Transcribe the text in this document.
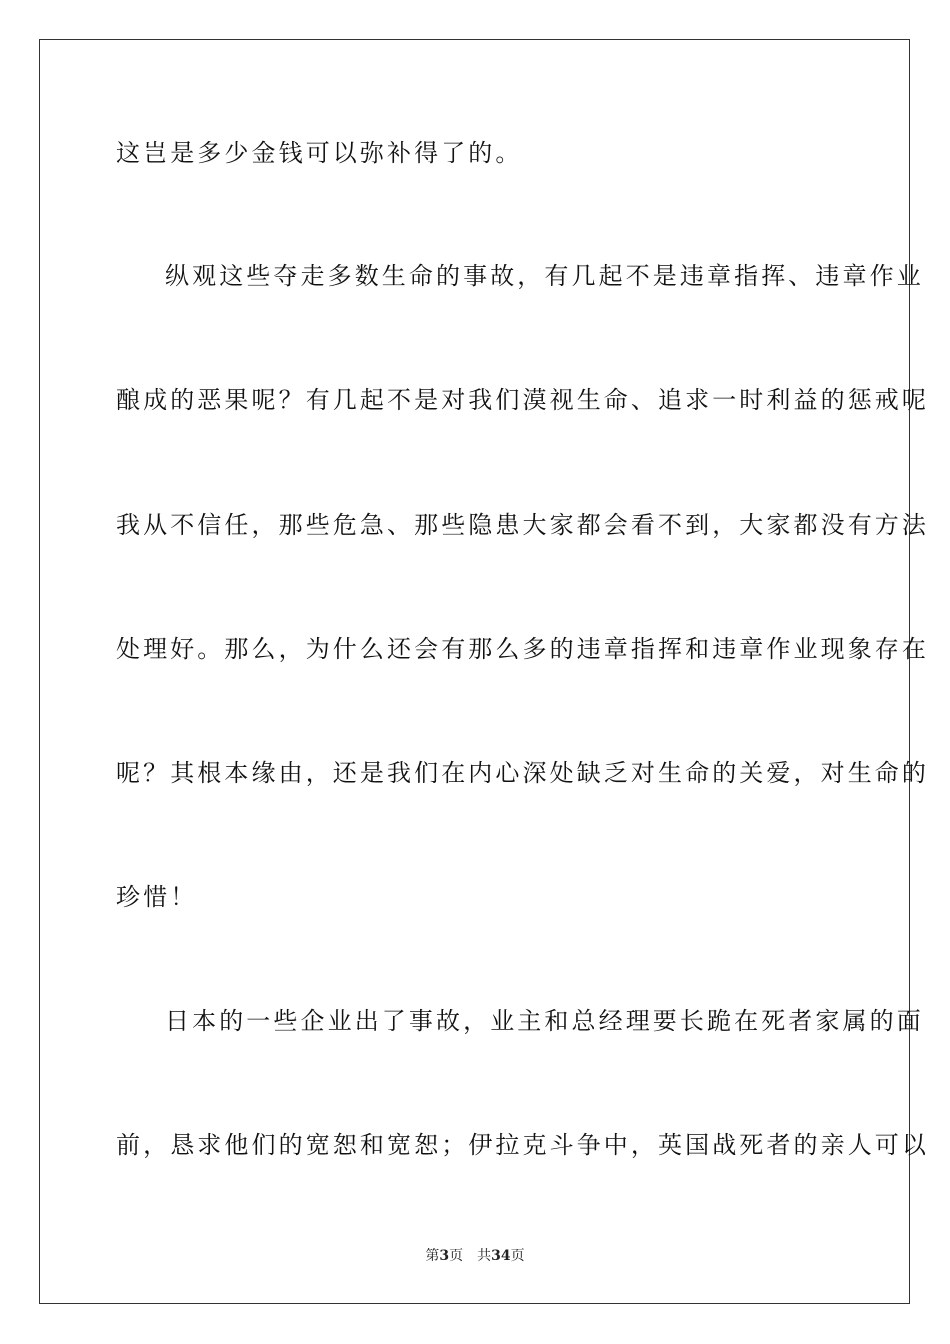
这岂是多少金钱可以弥补得了的。
纵观这些夺走多数生命的事故，有几起不是违章指挥、违章作业
酿成的恶果呢？有几起不是对我们漠视生命、追求一时利益的惩戒呢
我从不信任，那些危急、那些隐患大家都会看不到，大家都没有方法
处理好。那么，为什么还会有那么多的违章指挥和违章作业现象存在
呢？其根本缘由，还是我们在内心深处缺乏对生命的关爱，对生命的
珍惜！
日本的一些企业出了事故，业主和总经理要长跪在死者家属的面
前，恳求他们的宽恕和宽恕；伊拉克斗争中，英国战死者的亲人可以
第3页 共34页
